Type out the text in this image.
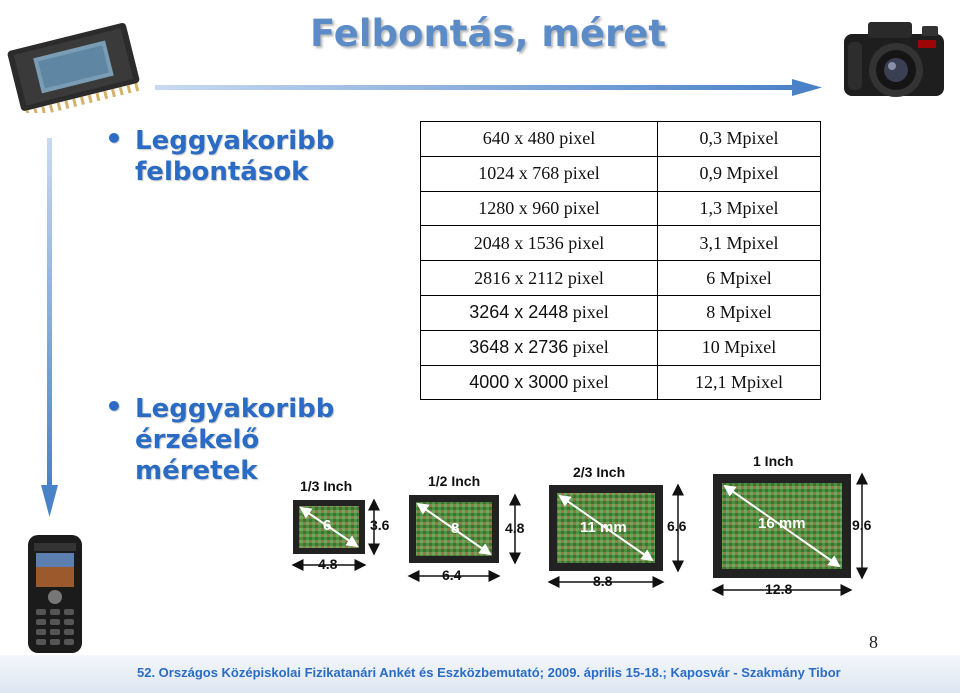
Felbontás, méret
• Leggyakoribb felbontások
• Leggyakoribb érzékelő méretek
640 x 480 pixel	0,3 Mpixel
1024 x 768 pixel	0,9 Mpixel
1280 x 960 pixel	1,3 Mpixel
2048 x 1536 pixel	3,1 Mpixel
2816 x 2112 pixel	6 Mpixel
3264 x 2448 pixel	8 Mpixel
3648 x 2736 pixel	10 Mpixel
4000 x 3000 pixel	12,1 Mpixel
1/3 Inch
6	3.6
4.8
1/2 Inch
8	4.8
6.4
2/3 Inch
11 mm	6.6
8.8
1 Inch
16 mm	9.6
12.8
8
52. Országos Középiskolai Fizikatanári Ankét és Eszközbemutató; 2009. április 15-18.; Kaposvár - Szakmány Tibor
